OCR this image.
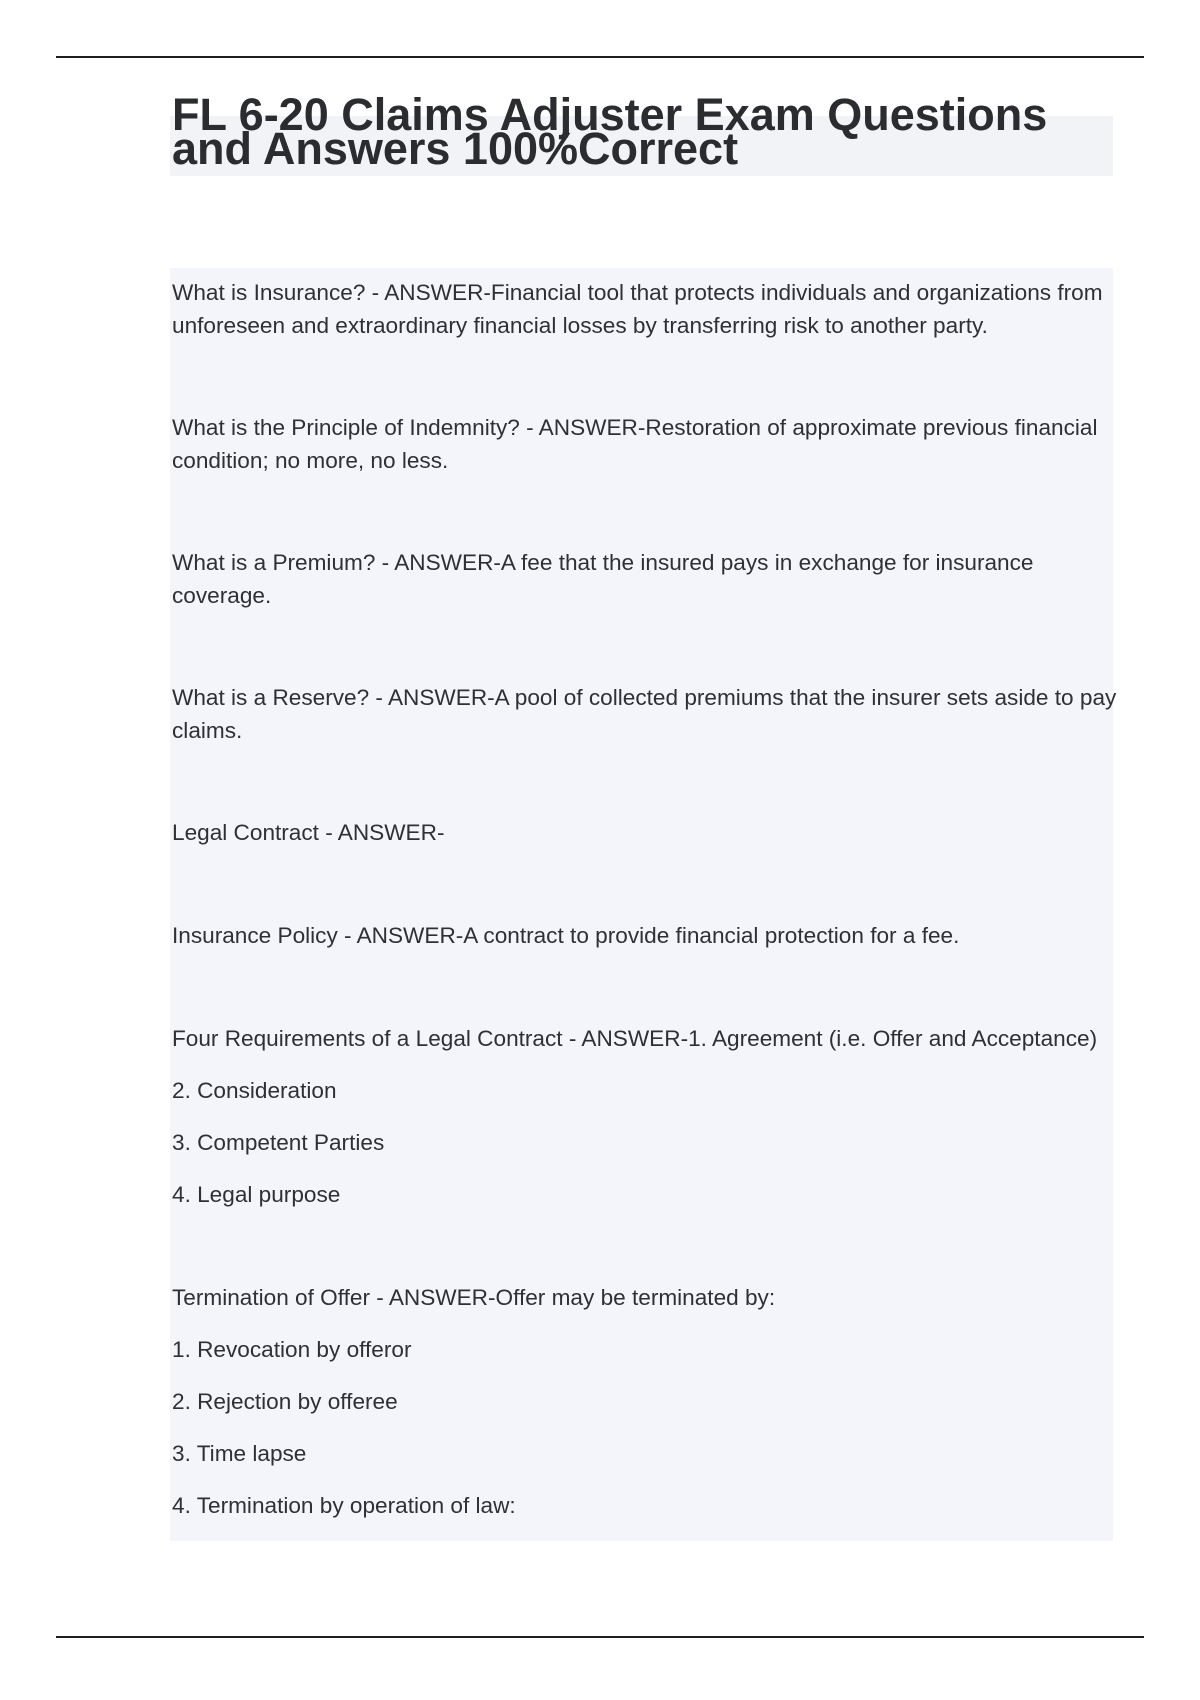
FL 6-20 Claims Adjuster Exam Questions and Answers 100%Correct

What is Insurance? - ANSWER-Financial tool that protects individuals and organizations from unforeseen and extraordinary financial losses by transferring risk to another party.

What is the Principle of Indemnity? - ANSWER-Restoration of approximate previous financial condition; no more, no less.

What is a Premium? - ANSWER-A fee that the insured pays in exchange for insurance coverage.

What is a Reserve? - ANSWER-A pool of collected premiums that the insurer sets aside to pay claims.

Legal Contract - ANSWER-

Insurance Policy - ANSWER-A contract to provide financial protection for a fee.

Four Requirements of a Legal Contract - ANSWER-1. Agreement (i.e. Offer and Acceptance)

2. Consideration

3. Competent Parties

4. Legal purpose

Termination of Offer - ANSWER-Offer may be terminated by:

1. Revocation by offeror

2. Rejection by offeree

3. Time lapse

4. Termination by operation of law:
